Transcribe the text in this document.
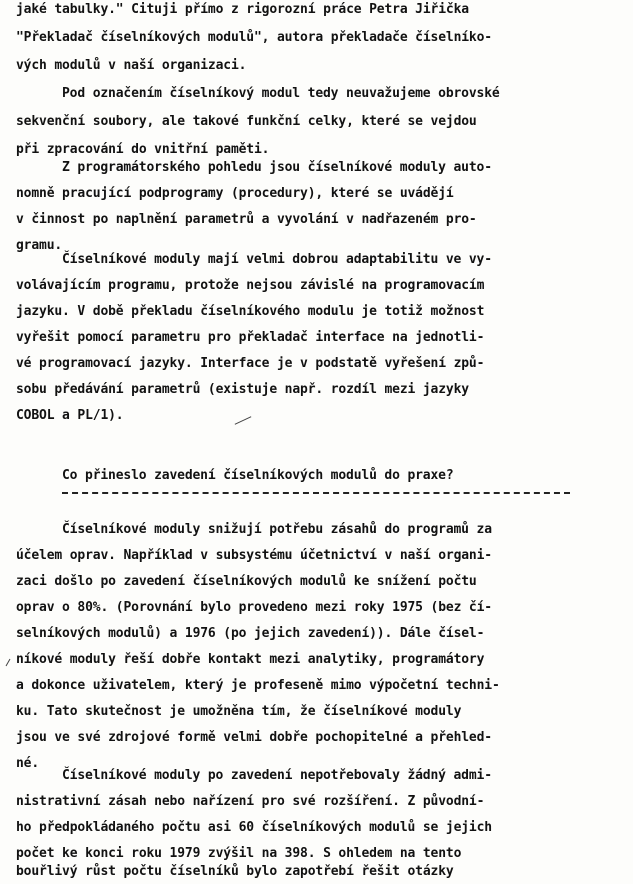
jaké tabulky." Cituji přímo z rigorozní práce Petra Jiřička
"Překladač číselníkových modulů", autora překladače číselníko-
vých modulů v naší organizaci.
Pod označením číselníkový modul tedy neuvažujeme obrovské
sekvenční soubory, ale takové funkční celky, které se vejdou
při zpracování do vnitřní paměti.
Z programátorského pohledu jsou číselníkové moduly auto-
nomně pracující podprogramy (procedury), které se uvádějí
v činnost po naplnění parametrů a vyvolání v nadřazeném pro-
gramu.
Číselníkové moduly mají velmi dobrou adaptabilitu ve vy-
volávajícím programu, protože nejsou závislé na programovacím
jazyku. V době překladu číselníkového modulu je totiž možnost
vyřešit pomocí parametru pro překladač interface na jednotli-
vé programovací jazyky. Interface je v podstatě vyřešení způ-
sobu předávání parametrů (existuje např. rozdíl mezi jazyky
COBOL a PL/1).
Co přineslo zavedení číselníkových modulů do praxe?
Číselníkové moduly snižují potřebu zásahů do programů za
účelem oprav. Například v subsystému účetnictví v naší organi-
zaci došlo po zavedení číselníkových modulů ke snížení počtu
oprav o 80%. (Porovnání bylo provedeno mezi roky 1975 (bez čí-
selníkových modulů) a 1976 (po jejich zavedení)). Dále čísel-
níkové moduly řeší dobře kontakt mezi analytiky, programátory
a dokonce uživatelem, který je profeseně mimo výpočetní techni-
ku. Tato skutečnost je umožněna tím, že číselníkové moduly
jsou ve své zdrojové formě velmi dobře pochopitelné a přehled-
né.
Číselníkové moduly po zavedení nepotřebovaly žádný admi-
nistrativní zásah nebo nařízení pro své rozšíření. Z původní-
ho předpokládaného počtu asi 60 číselníkových modulů se jejich
počet ke konci roku 1979 zvýšil na 398. S ohledem na tento
bouřlivý růst počtu číselníků bylo zapotřebí řešit otázky
